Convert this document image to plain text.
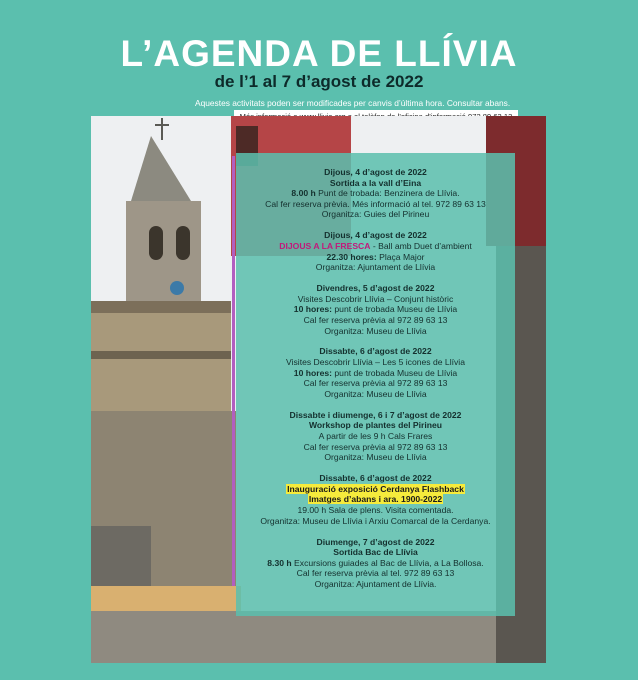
L’AGENDA DE LLÍVIA
de l’1 al 7 d’agost de 2022
Aquestes activitats poden ser modificades per canvis d’última hora. Consultar abans.
Dijous, 4 d’agost de 2022
Sortida a la vall d’Eina
8.00 h Punt de trobada: Benzinera de Llívia.
Cal fer reserva prèvia. Més informació al tel. 972 89 63 13
Organitza: Guies del Pirineu
Dijous, 4 d’agost de 2022
DIJOUS A LA FRESCA - Ball amb Duet d’ambient
22.30 hores: Plaça Major
Organitza: Ajuntament de Llívia
Divendres, 5 d’agost de 2022
Visites Descobrir Llívia – Conjunt històric
10 hores: punt de trobada Museu de Llívia
Cal fer reserva prèvia al 972 89 63 13
Organitza: Museu de Llívia
Dissabte, 6 d’agost de 2022
Visites Descobrir Llívia – Les 5 icones de Llívia
10 hores: punt de trobada Museu de Llívia
Cal fer reserva prèvia al 972 89 63 13
Organitza: Museu de Llívia
Dissabte i diumenge, 6 i 7 d’agost de 2022
Workshop de plantes del Pirineu
A partir de les 9 h Cals Frares
Cal fer reserva prèvia al 972 89 63 13
Organitza: Museu de Llívia
Dissabte, 6 d’agost de 2022
Inauguració exposició Cerdanya Flashback
Imatges d’abans i ara. 1900-2022
19.00 h Sala de plens. Visita comentada.
Organitza: Museu de Llívia i Arxiu Comarcal de la Cerdanya.
Diumenge, 7 d’agost de 2022
Sortida Bac de Llívia
8.30 h Excursions guiades al Bac de Llívia, a La Bollosa.
Cal fer reserva prèvia al tel. 972 89 63 13
Organitza: Ajuntament de Llívia.
